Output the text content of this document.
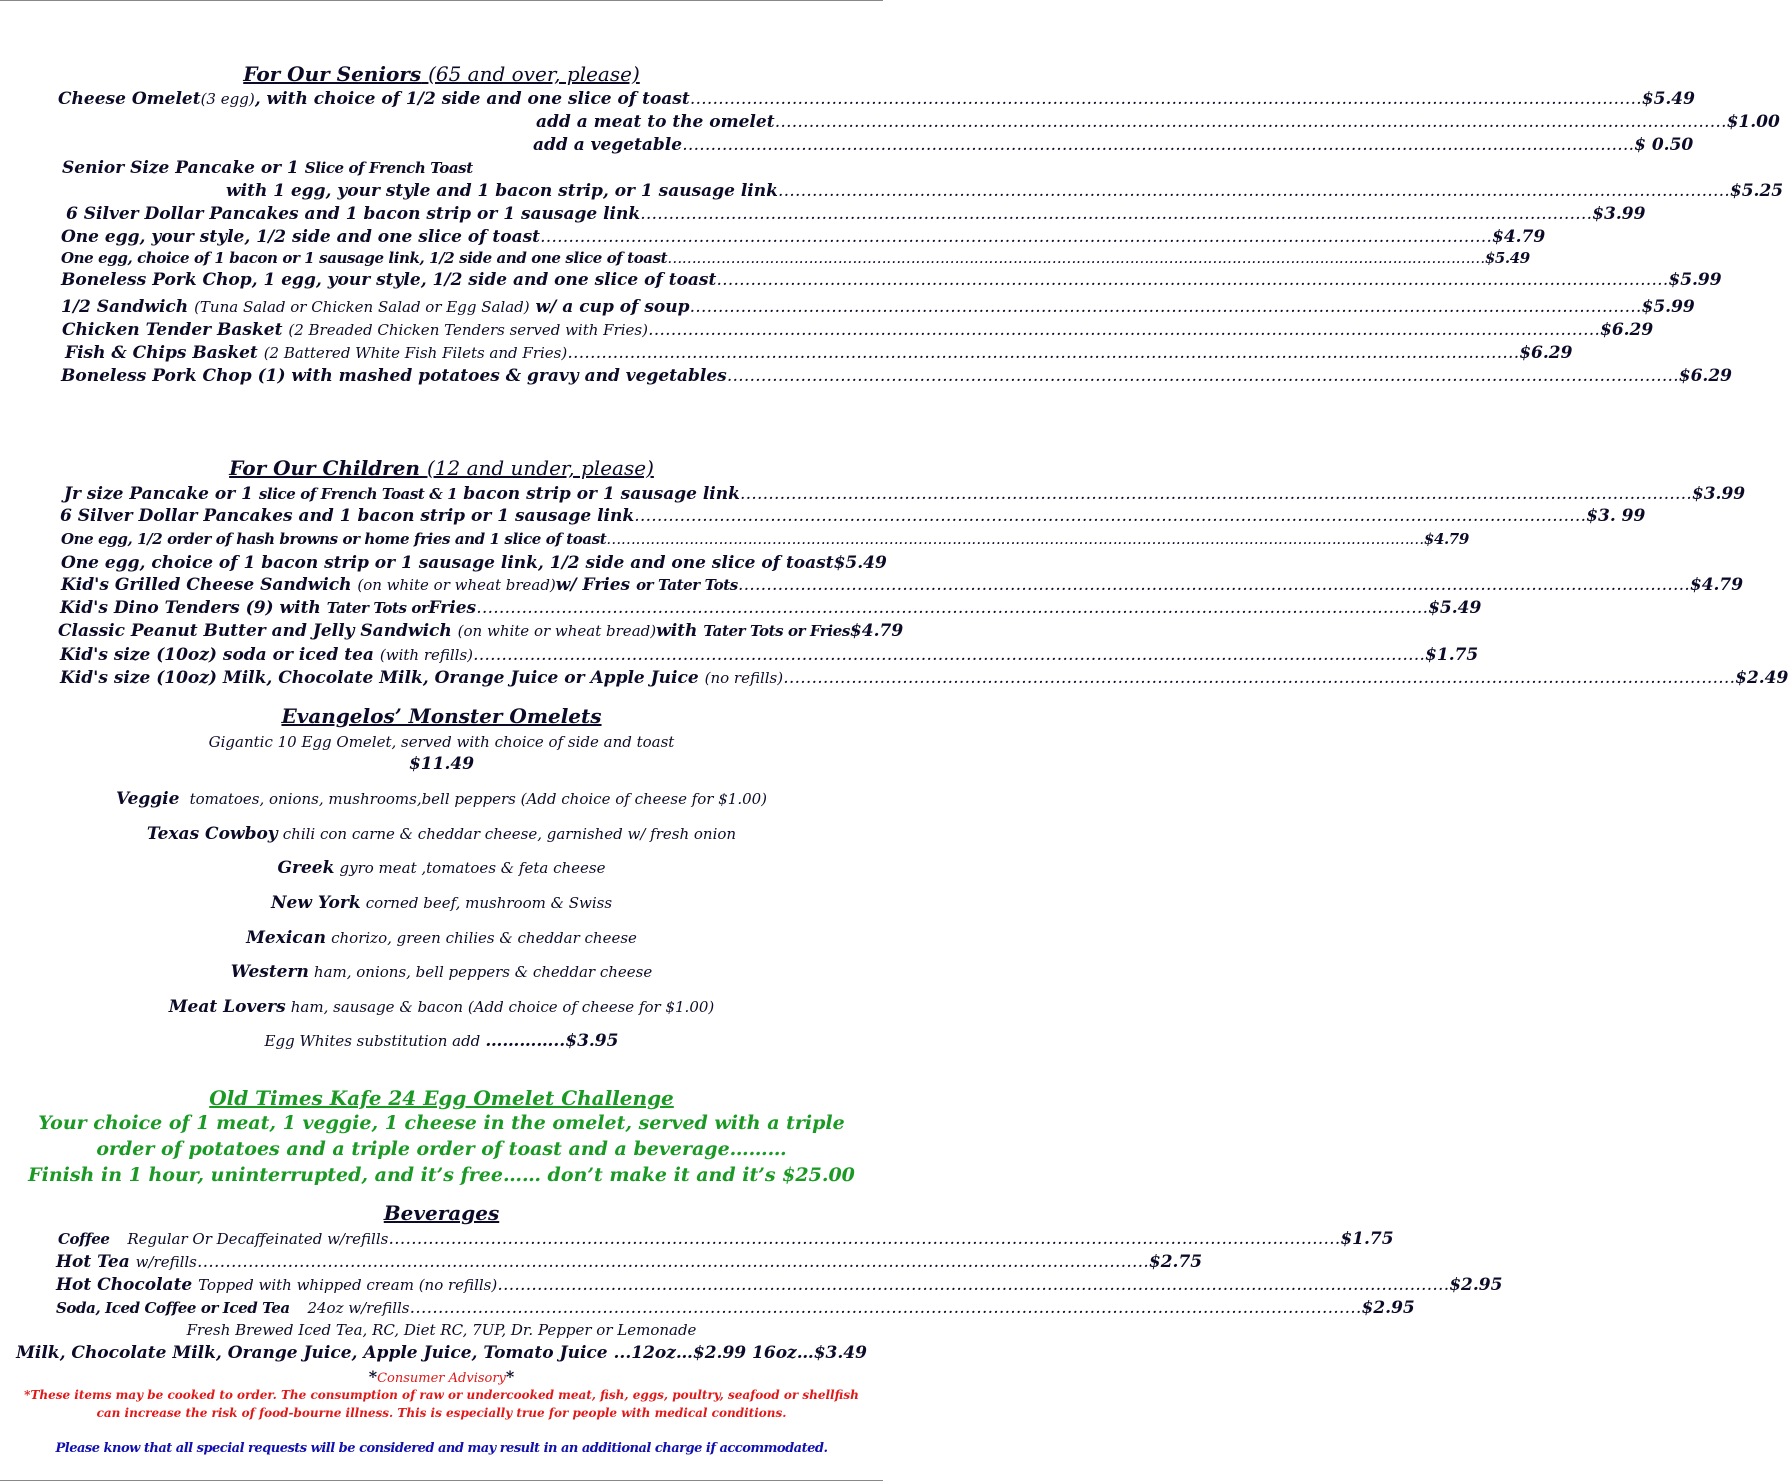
For Our Seniors (65 and over, please)
Cheese Omelet(3 egg), with choice of 1/2 side and one slice of toast ……………………………………………………………………………………………………………………………………………………	$5.49
add a meat to the omelet ……………………………………………………………………………………………………………………………………………………	$1.00
add a vegetable ……………………………………………………………………………………………………………………………………………………	$ 0.50
Senior Size Pancake or 1 Slice of French Toast
with 1 egg, your style and 1 bacon strip, or 1 sausage link ……………………………………………………………………………………………………………………………………………………	$5.25
6 Silver Dollar Pancakes and 1 bacon strip or 1 sausage link ……………………………………………………………………………………………………………………………………………………	$3.99
One egg, your style, 1/2 side and one slice of toast ……………………………………………………………………………………………………………………………………………………	$4.79
One egg, choice of 1 bacon or 1 sausage link, 1/2 side and one slice of toast ……………………………………………………………………………………………………………………………………………………	$5.49
Boneless Pork Chop, 1 egg, your style, 1/2 side and one slice of toast ……………………………………………………………………………………………………………………………………………………	$5.99
1/2 Sandwich (Tuna Salad or Chicken Salad or Egg Salad) w/ a cup of soup ……………………………………………………………………………………………………………………………………………………	$5.99
Chicken Tender Basket (2 Breaded Chicken Tenders served with Fries) ……………………………………………………………………………………………………………………………………………………	$6.29
Fish & Chips Basket (2 Battered White Fish Filets and Fries) ……………………………………………………………………………………………………………………………………………………	$6.29
Boneless Pork Chop (1) with mashed potatoes & gravy and vegetables ……………………………………………………………………………………………………………………………………………………	$6.29
For Our Children (12 and under, please)
Jr size Pancake or 1 slice of French Toast & 1 bacon strip or 1 sausage link ……………………………………………………………………………………………………………………………………………………	$3.99
6 Silver Dollar Pancakes and 1 bacon strip or 1 sausage link ……………………………………………………………………………………………………………………………………………………	$3. 99
One egg, 1/2 order of hash browns or home fries and 1 slice of toast ……………………………………………………………………………………………………………………………………………………	$4.79
One egg, choice of 1 bacon strip or 1 sausage link, 1/2 side and one slice of toast $5.49
Kid's Grilled Cheese Sandwich (on white or wheat bread)w/ Fries or Tater Tots ……………………………………………………………………………………………………………………………………………………	$4.79
Kid's Dino Tenders (9) with Tater Tots orFries ……………………………………………………………………………………………………………………………………………………	$5.49
Classic Peanut Butter and Jelly Sandwich (on white or wheat bread)with Tater Tots or Fries $4.79
Kid's size (10oz) soda or iced tea (with refills) ……………………………………………………………………………………………………………………………………………………	$1.75
Kid's size (10oz) Milk, Chocolate Milk, Orange Juice or Apple Juice (no refills) ……………………………………………………………………………………………………………………………………………………	$2.49
Evangelos’ Monster Omelets
Gigantic 10 Egg Omelet, served with choice of side and toast
$11.49
Veggie tomatoes, onions, mushrooms,bell peppers (Add choice of cheese for $1.00)
Texas Cowboy chili con carne & cheddar cheese, garnished w/ fresh onion
Greek gyro meat ,tomatoes & feta cheese
New York corned beef, mushroom & Swiss
Mexican chorizo, green chilies & cheddar cheese
Western ham, onions, bell peppers & cheddar cheese
Meat Lovers ham, sausage & bacon (Add choice of cheese for $1.00)
Egg Whites substitution add …………..$3.95
Old Times Kafe 24 Egg Omelet Challenge
Your choice of 1 meat, 1 veggie, 1 cheese in the omelet, served with a triple
order of potatoes and a triple order of toast and a beverage………
Finish in 1 hour, uninterrupted, and it’s free…… don’t make it and it’s $25.00
Beverages
Coffee Regular Or Decaffeinated w/refills ……………………………………………………………………………………………………………………………………………………	$1.75
Hot Tea w/refills ……………………………………………………………………………………………………………………………………………………	$2.75
Hot Chocolate Topped with whipped cream (no refills) ……………………………………………………………………………………………………………………………………………………	$2.95
Soda, Iced Coffee or Iced Tea 24oz w/refills ……………………………………………………………………………………………………………………………………………………	$2.95
Fresh Brewed Iced Tea, RC, Diet RC, 7UP, Dr. Pepper or Lemonade
Milk, Chocolate Milk, Orange Juice, Apple Juice, Tomato Juice ...12oz…$2.99 16oz…$3.49
*Consumer Advisory*
*These items may be cooked to order. The consumption of raw or undercooked meat, fish, eggs, poultry, seafood or shellfish
can increase the risk of food-bourne illness. This is especially true for people with medical conditions.
Please know that all special requests will be considered and may result in an additional charge if accommodated.
